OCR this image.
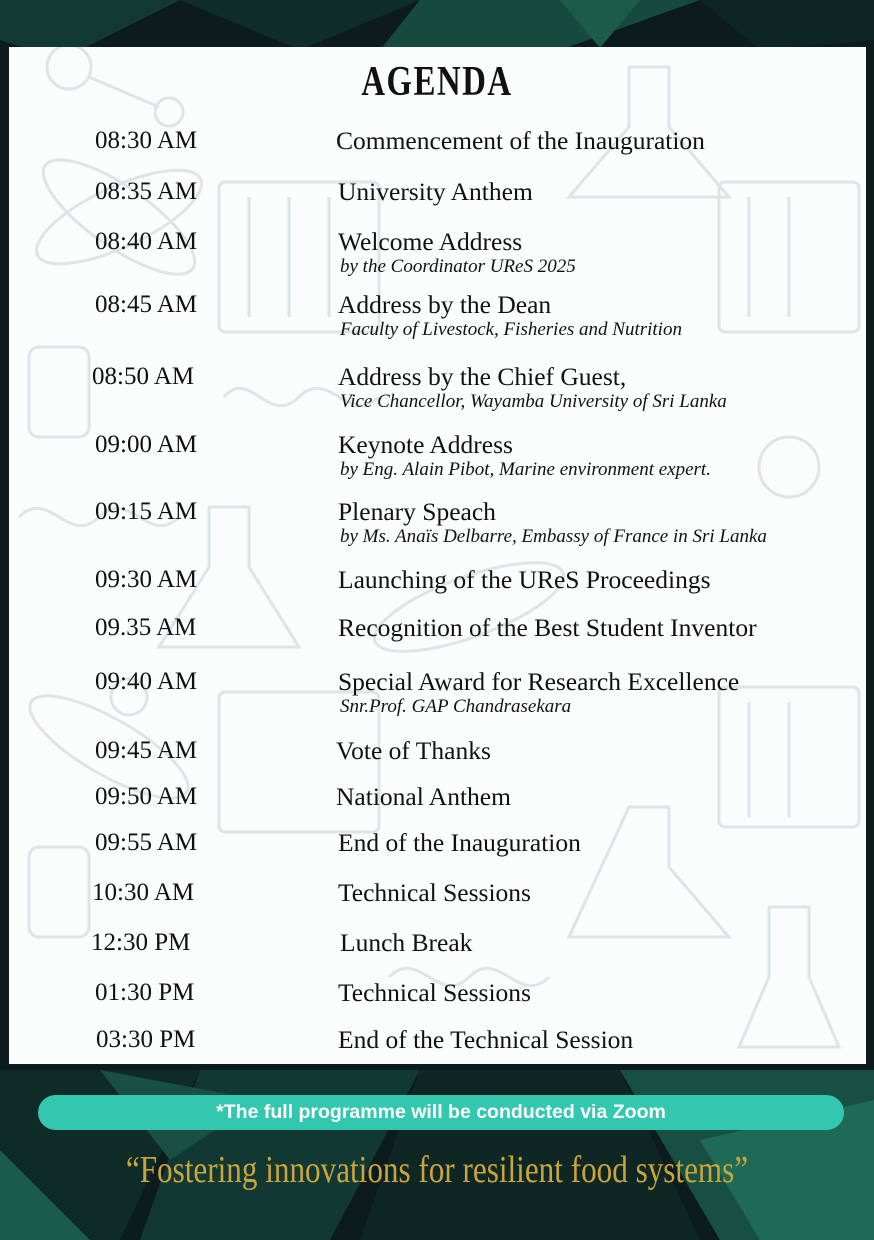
AGENDA
08:30 AM	Commencement of the Inauguration
08:35 AM	University Anthem
08:40 AM	Welcome Address
by the Coordinator UReS 2025
08:45 AM	Address by the Dean
Faculty of Livestock, Fisheries and Nutrition
08:50 AM	Address by the Chief Guest,
Vice Chancellor, Wayamba University of Sri Lanka
09:00 AM	Keynote Address
by Eng. Alain Pibot, Marine environment expert.
09:15 AM	Plenary Speach
by Ms. Anaïs Delbarre, Embassy of France in Sri Lanka
09:30 AM	Launching of the UReS Proceedings
09.35 AM	Recognition of the Best Student Inventor
09:40 AM	Special Award for Research Excellence
Snr.Prof. GAP Chandrasekara
09:45 AM	Vote of Thanks
09:50 AM	National Anthem
09:55 AM	End of the Inauguration
10:30 AM	Technical Sessions
12:30 PM	Lunch Break
01:30 PM	Technical Sessions
03:30 PM	End of the Technical Session
*The full programme will be conducted via Zoom
“Fostering innovations for resilient food systems”
